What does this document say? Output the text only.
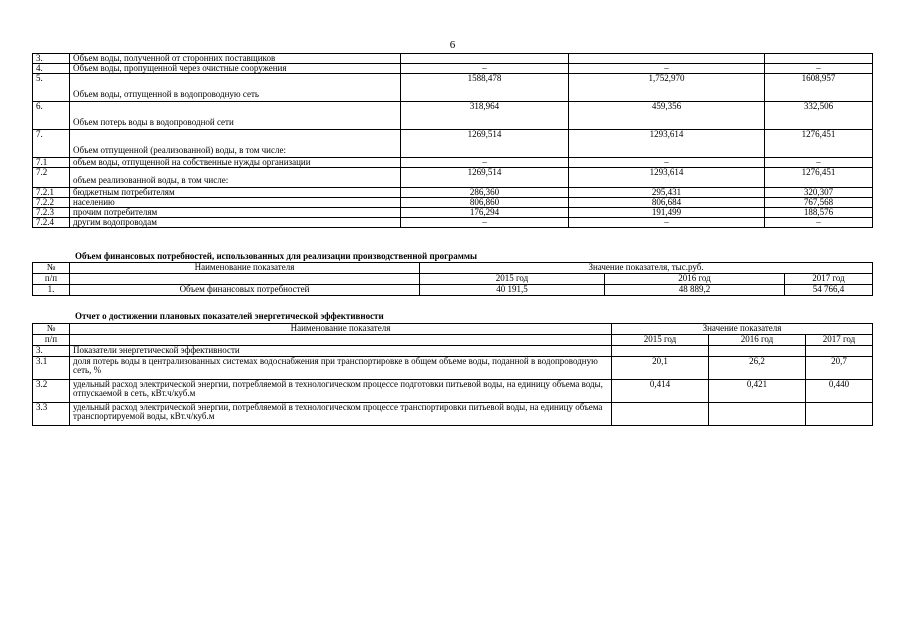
6
3.	Объем воды, полученной от сторонних поставщиков			
4.	Объем воды, пропущенной через очистные сооружения	–	–	–
5.	Объем воды, отпущенной в водопроводную сеть	1588,478	1,752,970	1608,957
6.	Объем потерь воды в водопроводной сети	318,964	459,356	332,506
7.	Объем отпущенной (реализованной) воды, в том числе:	1269,514	1293,614	1276,451
7.1	объем воды, отпущенной на собственные нужды организации	–	–	–
7.2	объем реализованной воды, в том числе:	1269,514	1293,614	1276,451
7.2.1	бюджетным потребителям	286,360	295,431	320,307
7.2.2	населению	806,860	806,684	767,568
7.2.3	прочим потребителям	176,294	191,499	188,576
7.2.4	другим водопроводам	–	–	–
Объем финансовых потребностей, использованных для реализации производственной программы
№	Наименование показателя	Значение показателя, тыс.руб.		
п/п		2015 год	2016 год	2017 год
1.	Объем финансовых потребностей	40 191,5	48 889,2	54 766,4
Отчет о достижении плановых показателей энергетической эффективности
№	Наименование показателя	Значение показателя		
п/п		2015 год	2016 год	2017 год
3.	Показатели энергетической эффективности			
3.1	доля потерь воды в централизованных системах водоснабжения при транспортировке в общем объеме воды, поданной в водопроводную сеть, %	20,1	26,2	20,7
3.2	удельный расход электрической энергии, потребляемой в технологическом процессе подготовки питьевой воды, на единицу объема воды, отпускаемой в сеть, кВт.ч/куб.м	0,414	0,421	0,440
3.3	удельный расход электрической энергии, потребляемой в технологическом процессе транспортировки питьевой воды, на единицу объема транспортируемой воды, кВт.ч/куб.м			
